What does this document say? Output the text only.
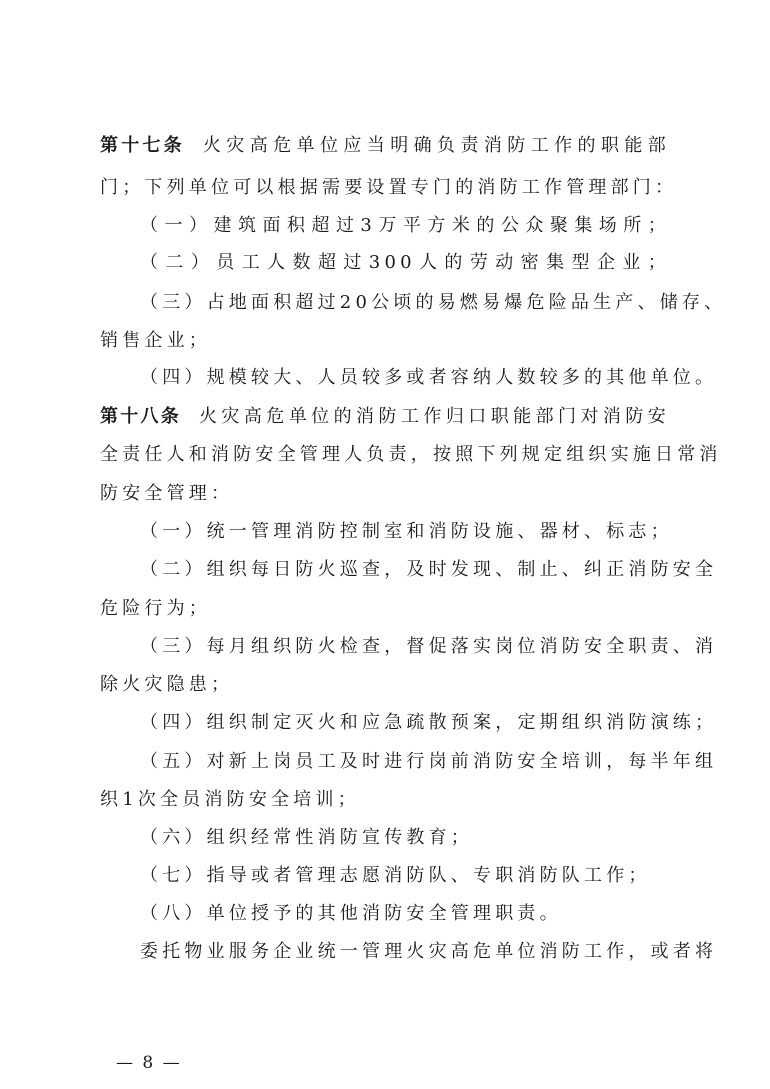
第十七条 火灾高危单位应当明确负责消防工作的职能部
门；下列单位可以根据需要设置专门的消防工作管理部门：
（一）建筑面积超过3万平方米的公众聚集场所；
（二）员工人数超过300人的劳动密集型企业；
（三）占地面积超过20公顷的易燃易爆危险品生产、储存、
销售企业；
（四）规模较大、人员较多或者容纳人数较多的其他单位。
第十八条 火灾高危单位的消防工作归口职能部门对消防安
全责任人和消防安全管理人负责，按照下列规定组织实施日常消
防安全管理：
（一）统一管理消防控制室和消防设施、器材、标志；
（二）组织每日防火巡查，及时发现、制止、纠正消防安全
危险行为；
（三）每月组织防火检查，督促落实岗位消防安全职责、消
除火灾隐患；
（四）组织制定灭火和应急疏散预案，定期组织消防演练；
（五）对新上岗员工及时进行岗前消防安全培训，每半年组
织1次全员消防安全培训；
（六）组织经常性消防宣传教育；
（七）指导或者管理志愿消防队、专职消防队工作；
（八）单位授予的其他消防安全管理职责。
委托物业服务企业统一管理火灾高危单位消防工作，或者将
— 8 —
